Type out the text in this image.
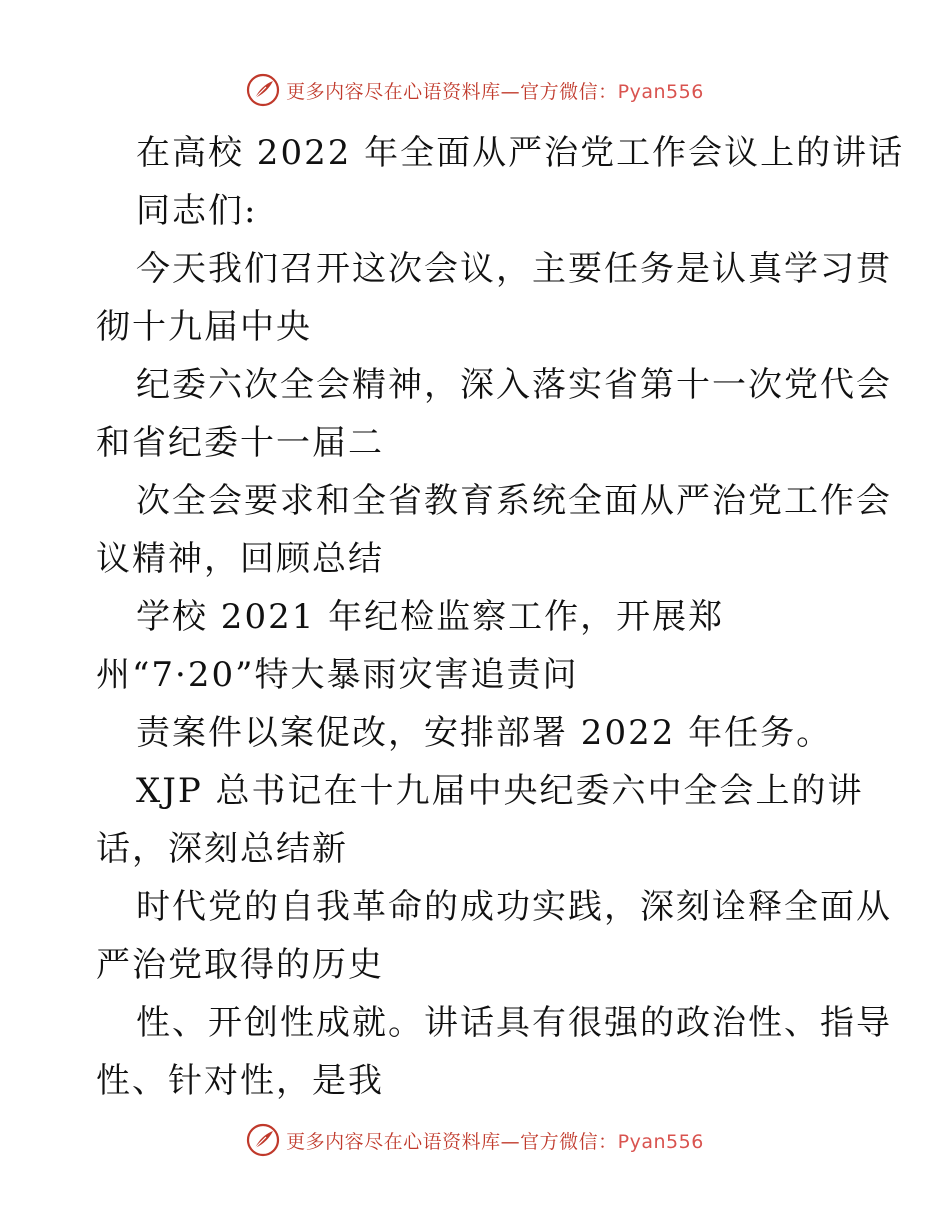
更多内容尽在心语资料库—官方微信：Pyan556
在高校 2022 年全面从严治党工作会议上的讲话
同志们:
今天我们召开这次会议，主要任务是认真学习贯
彻十九届中央
纪委六次全会精神，深入落实省第十一次党代会
和省纪委十一届二
次全会要求和全省教育系统全面从严治党工作会
议精神，回顾总结
学校 2021 年纪检监察工作，开展郑
州“7·20”特大暴雨灾害追责问
责案件以案促改，安排部署 2022 年任务。
XJP 总书记在十九届中央纪委六中全会上的讲
话，深刻总结新
时代党的自我革命的成功实践，深刻诠释全面从
严治党取得的历史
性、开创性成就。讲话具有很强的政治性、指导
性、针对性，是我
更多内容尽在心语资料库—官方微信：Pyan556
